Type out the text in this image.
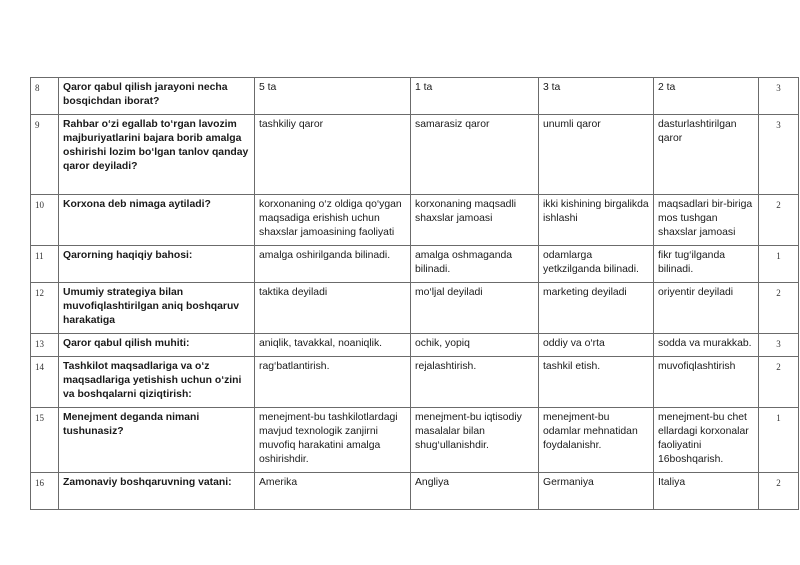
8	Qaror qabul qilish jarayoni necha bosqichdan iborat?	5 ta	1 ta	3 ta	2 ta	3
9	Rahbar o‘zi egallab to‘rgan lavozim majburiyatlarini bajara borib amalga oshirishi lozim bo‘lgan tanlov qanday qaror deyiladi?	tashkiliy qaror	samarasiz qaror	unumli qaror	dasturlashtirilgan qaror	3
10	Korxona deb nimaga aytiladi?	korxonaning o‘z oldiga qo‘ygan maqsadiga erishish uchun shaxslar jamoasining faoliyati	korxonaning maqsadli shaxslar jamoasi	ikki kishining birgalikda ishlashi	maqsadlari bir-biriga mos tushgan shaxslar jamoasi	2
11	Qarorning haqiqiy bahosi:	amalga oshirilganda bilinadi.	amalga oshmaganda bilinadi.	odamlarga yetkzilganda bilinadi.	fikr tug‘ilganda bilinadi.	1
12	Umumiy strategiya bilan muvofiqlashtirilgan aniq boshqaruv harakatiga	taktika deyiladi	mo‘ljal deyiladi	marketing deyiladi	oriyentir deyiladi	2
13	Qaror qabul qilish muhiti:	aniqlik, tavakkal, noaniqlik.	ochik, yopiq	oddiy va o‘rta	sodda va murakkab.	3
14	Tashkilot maqsadlariga va o‘z maqsadlariga yetishish uchun o‘zini va boshqalarni qiziqtirish:	rag‘batlantirish.	rejalashtirish.	tashkil etish.	muvofiqlashtirish	2
15	Menejment deganda nimani tushunasiz?	menejment-bu tashkilotlardagi mavjud texnologik zanjirni muvofiq harakatini amalga oshirishdir.	menejment-bu iqtisodiy masalalar bilan shug‘ullanishdir.	menejment-bu odamlar mehnatidan foydalanishr.	menejment-bu chet ellardagi korxonalar faoliyatini 16boshqarish.	1
16	Zamonaviy boshqaruvning vatani:	Amerika	Angliya	Germaniya	Italiya	2
